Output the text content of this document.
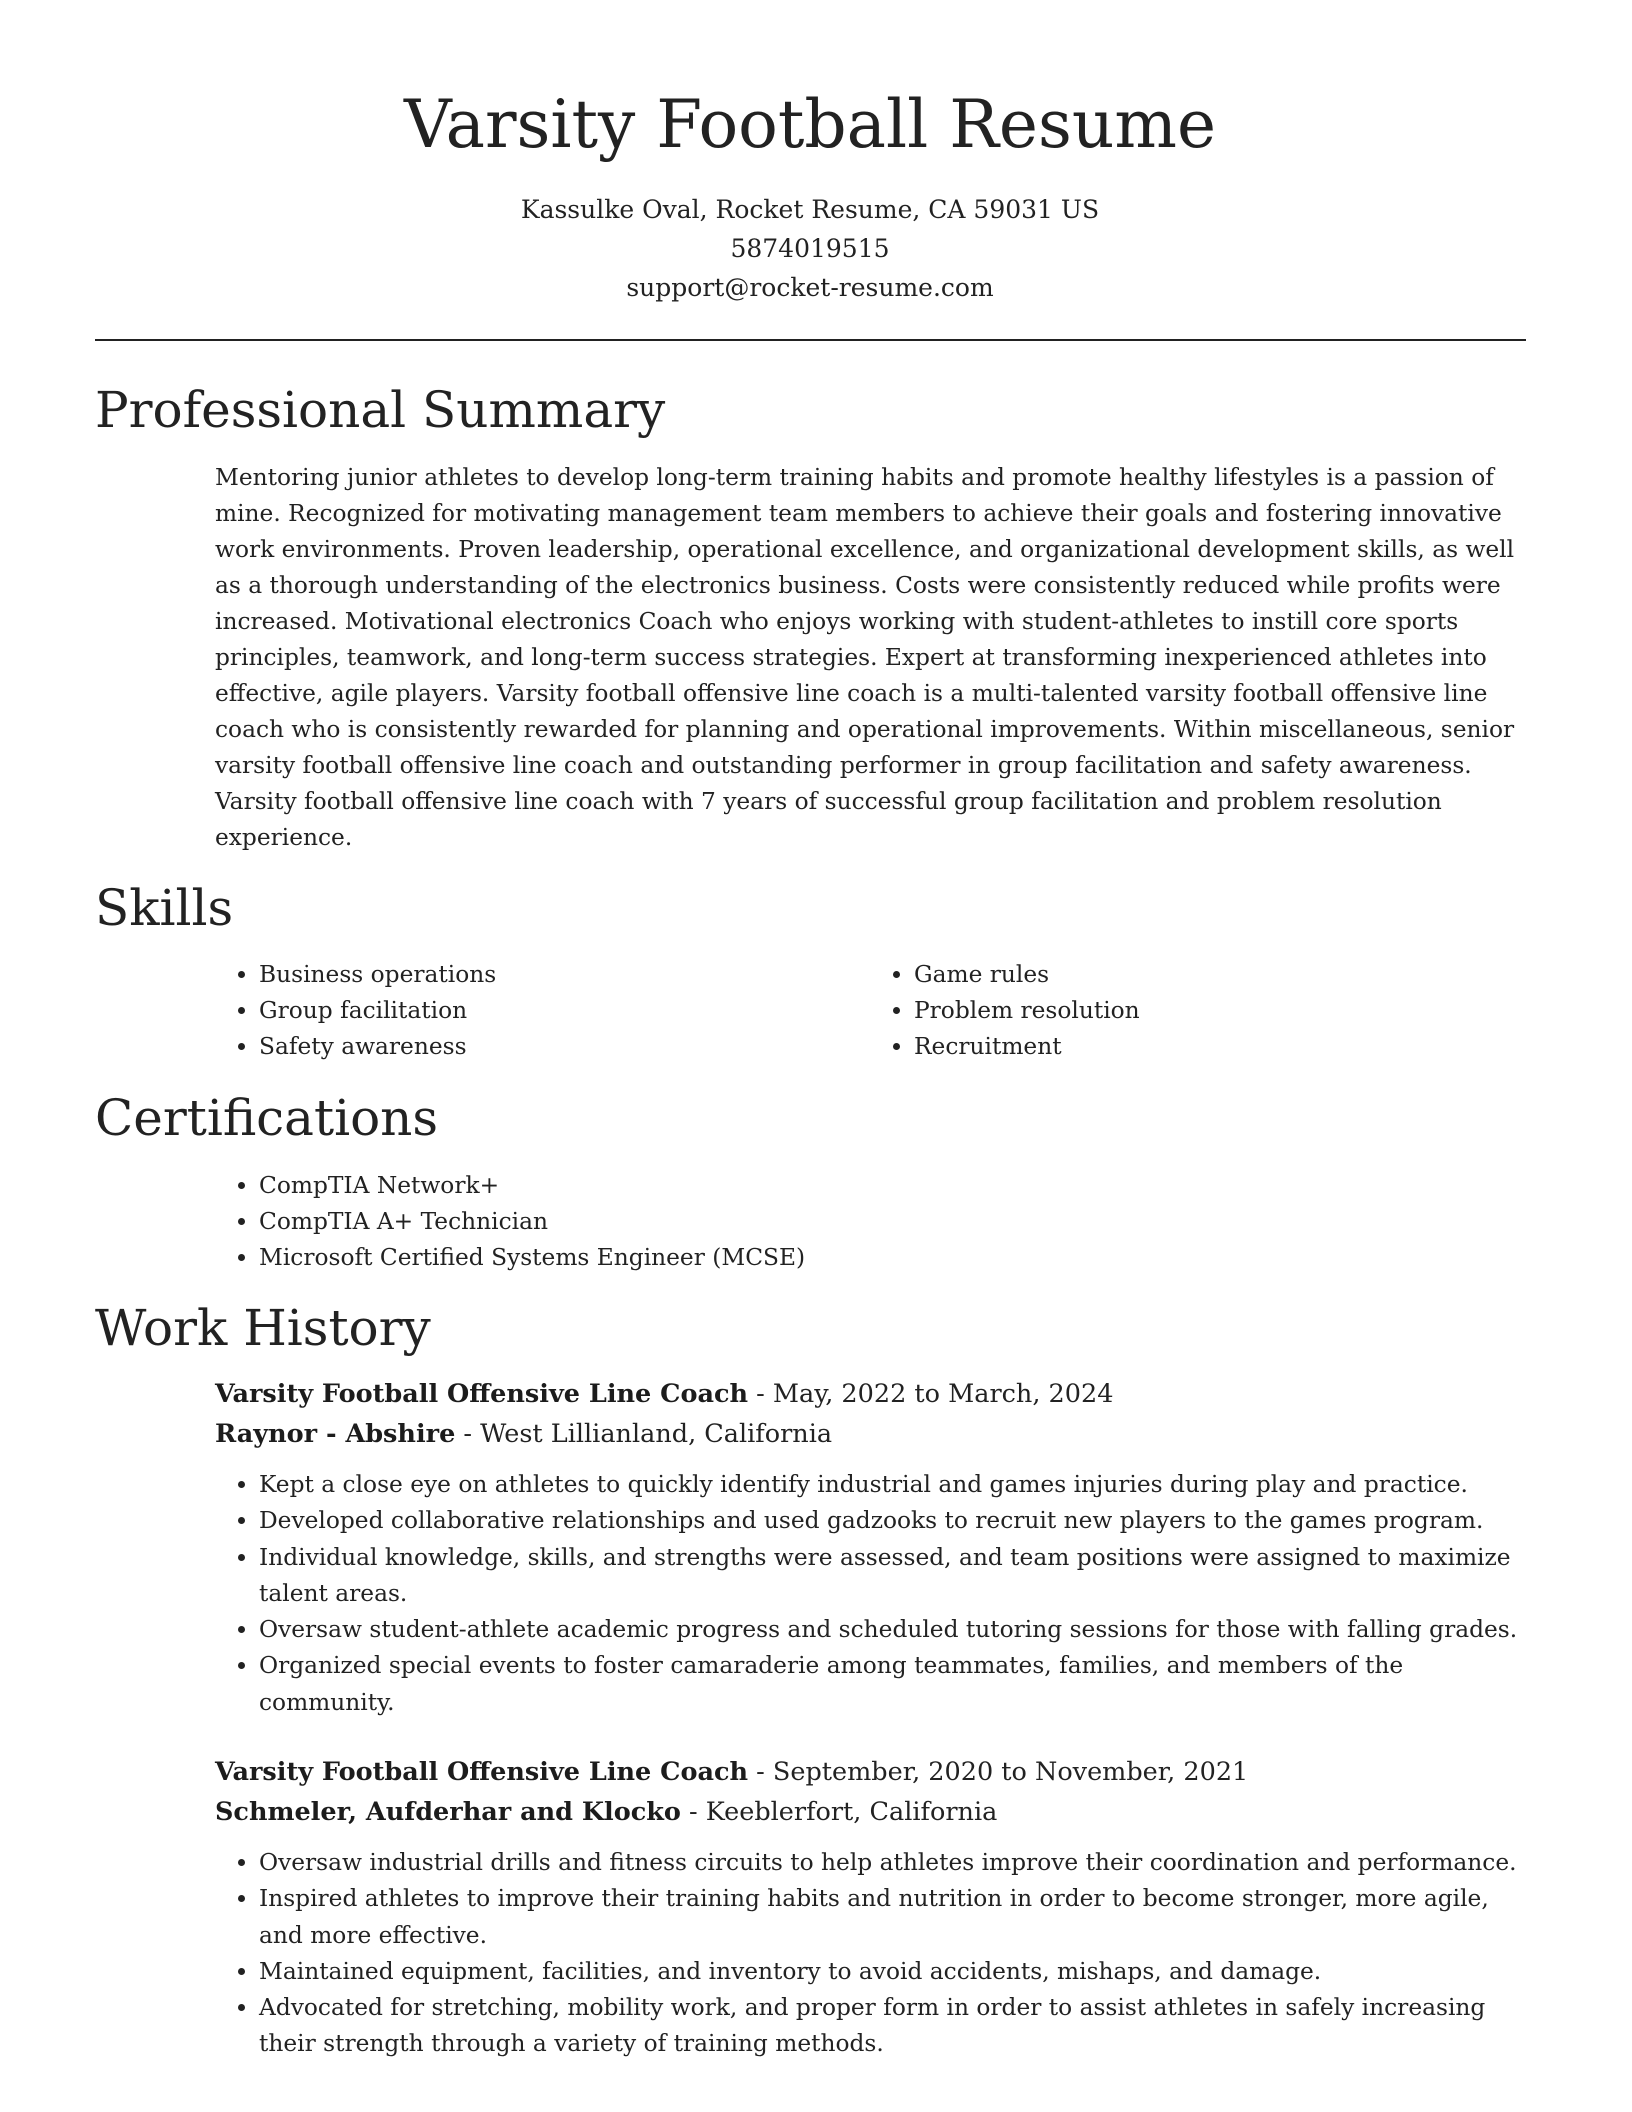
Varsity Football Resume
Kassulke Oval, Rocket Resume, CA 59031 US
5874019515
support@rocket-resume.com
Professional Summary

Mentoring junior athletes to develop long-term training habits and promote healthy lifestyles is a passion of mine. Recognized for motivating management team members to achieve their goals and fostering innovative work environments. Proven leadership, operational excellence, and organizational development skills, as well as a thorough understanding of the electronics business. Costs were consistently reduced while profits were increased. Motivational electronics Coach who enjoys working with student-athletes to instill core sports principles, teamwork, and long-term success strategies. Expert at transforming inexperienced athletes into effective, agile players. Varsity football offensive line coach is a multi-talented varsity football offensive line coach who is consistently rewarded for planning and operational improvements. Within miscellaneous, senior varsity football offensive line coach and outstanding performer in group facilitation and safety awareness. Varsity football offensive line coach with 7 years of successful group facilitation and problem resolution experience.

Skills
• Business operations
• Group facilitation
• Safety awareness
• Game rules
• Problem resolution
• Recruitment
Certifications
• CompTIA Network+
• CompTIA A+ Technician
• Microsoft Certified Systems Engineer (MCSE)
Work History
Varsity Football Offensive Line Coach - May, 2022 to March, 2024
Raynor - Abshire - West Lillianland, California
• Kept a close eye on athletes to quickly identify industrial and games injuries during play and practice.
• Developed collaborative relationships and used gadzooks to recruit new players to the games program.
• Individual knowledge, skills, and strengths were assessed, and team positions were assigned to maximize talent areas.
• Oversaw student-athlete academic progress and scheduled tutoring sessions for those with falling grades.
• Organized special events to foster camaraderie among teammates, families, and members of the community.
Varsity Football Offensive Line Coach - September, 2020 to November, 2021
Schmeler, Aufderhar and Klocko - Keeblerfort, California
• Oversaw industrial drills and fitness circuits to help athletes improve their coordination and performance.
• Inspired athletes to improve their training habits and nutrition in order to become stronger, more agile, and more effective.
• Maintained equipment, facilities, and inventory to avoid accidents, mishaps, and damage.
• Advocated for stretching, mobility work, and proper form in order to assist athletes in safely increasing their strength through a variety of training methods.
